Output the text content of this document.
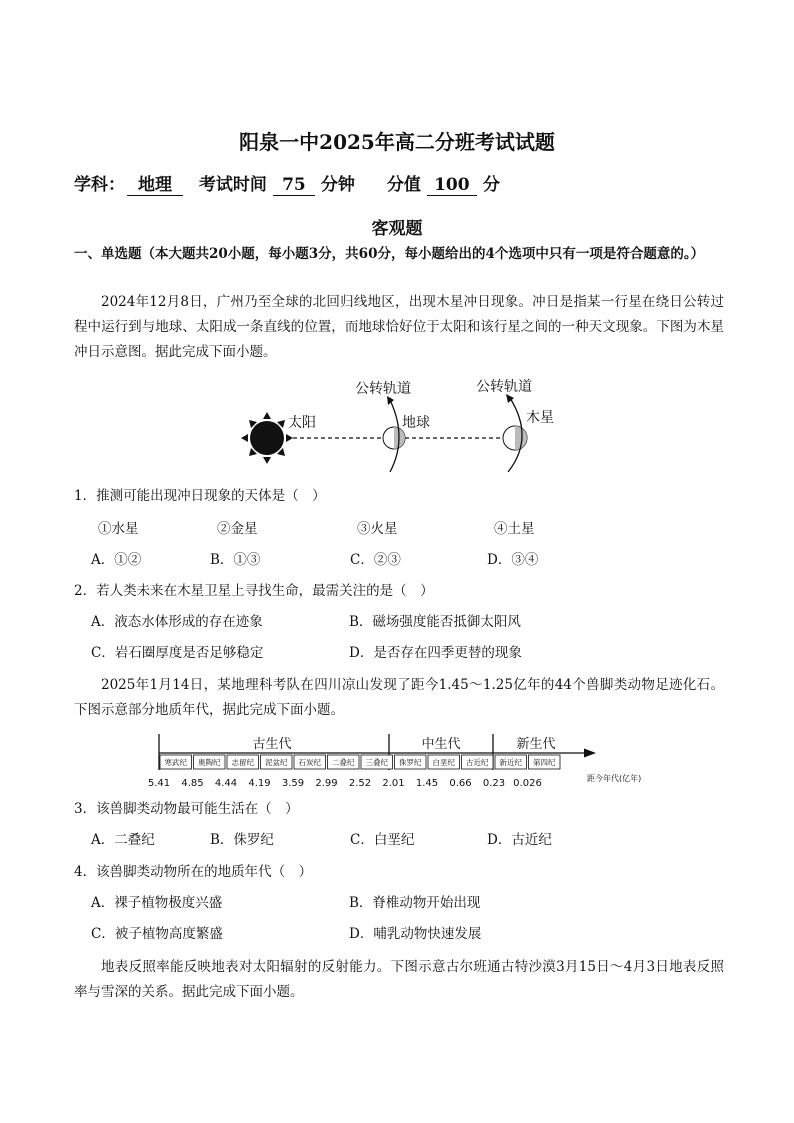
阳泉一中2025年高二分班考试试题
学科： 地理 考试时间 75 分钟 分值 100 分
客观题
一、单选题（本大题共20小题，每小题3分，共60分，每小题给出的4个选项中只有一项是符合题意的。）
2024年12月8日，广州乃至全球的北回归线地区，出现木星冲日现象。冲日是指某一行星在绕日公转过程中运行到与地球、太阳成一条直线的位置，而地球恰好位于太阳和该行星之间的一种天文现象。下图为木星冲日示意图。据此完成下面小题。
太阳	地球	木星
公转轨道	公转轨道
1．推测可能出现冲日现象的天体是（　）
①水星	②金星	③火星	④土星
A．①②	B．①③	C．②③	D．③④
2．若人类未来在木星卫星上寻找生命，最需关注的是（　）
A．液态水体形成的存在迹象	B．磁场强度能否抵御太阳风
C．岩石圈厚度是否足够稳定	D．是否存在四季更替的现象
2025年1月14日，某地理科考队在四川凉山发现了距今1.45～1.25亿年的44个兽脚类动物足迹化石。下图示意部分地质年代，据此完成下面小题。
古生代	中生代	新生代
寒武纪 奥陶纪 志留纪 泥盆纪 石炭纪 二叠纪 三叠纪 侏罗纪 白垩纪 古近纪 新近纪 第四纪
5.41 4.85 4.44 4.19 3.59 2.99 2.52 2.01 1.45 0.66 0.23 0.026	距今年代(亿年)
3．该兽脚类动物最可能生活在（　）
A．二叠纪	B．侏罗纪	C．白垩纪	D．古近纪
4．该兽脚类动物所在的地质年代（　）
A．裸子植物极度兴盛	B．脊椎动物开始出现
C．被子植物高度繁盛	D．哺乳动物快速发展
地表反照率能反映地表对太阳辐射的反射能力。下图示意古尔班通古特沙漠3月15日～4月3日地表反照率与雪深的关系。据此完成下面小题。
